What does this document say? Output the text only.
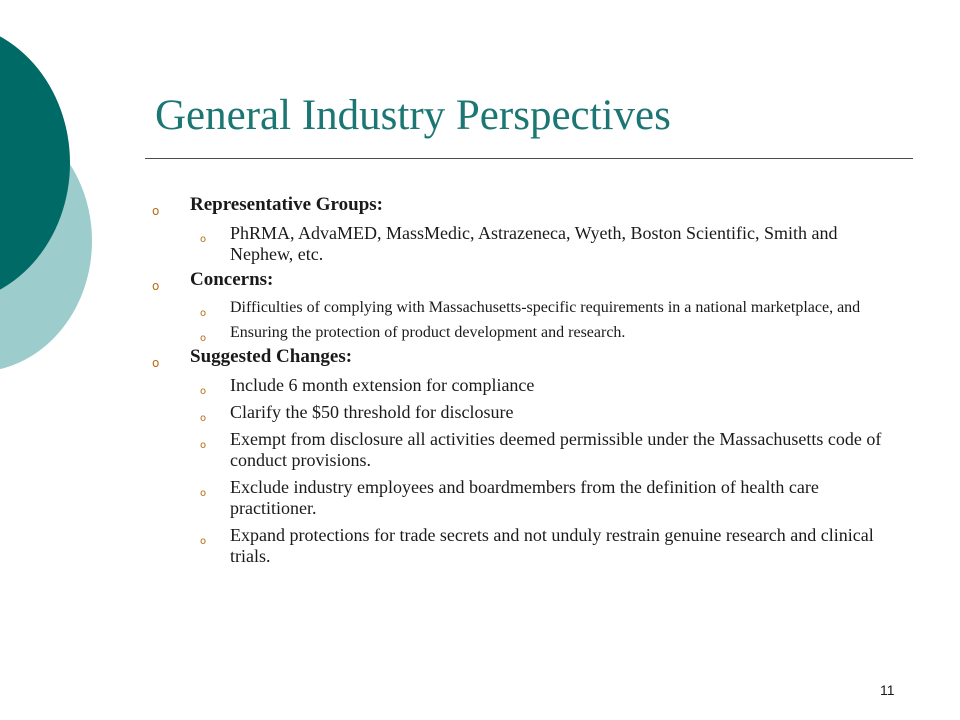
General Industry Perspectives
o Representative Groups:
o PhRMA, AdvaMED, MassMedic, Astrazeneca, Wyeth, Boston Scientific, Smith and Nephew, etc.
o Concerns:
o Difficulties of complying with Massachusetts-specific requirements in a national marketplace, and
o Ensuring the protection of product development and research.
o Suggested Changes:
o Include 6 month extension for compliance
o Clarify the $50 threshold for disclosure
o Exempt from disclosure all activities deemed permissible under the Massachusetts code of conduct provisions.
o Exclude industry employees and boardmembers from the definition of health care practitioner.
o Expand protections for trade secrets and not unduly restrain genuine research and clinical trials.
11
